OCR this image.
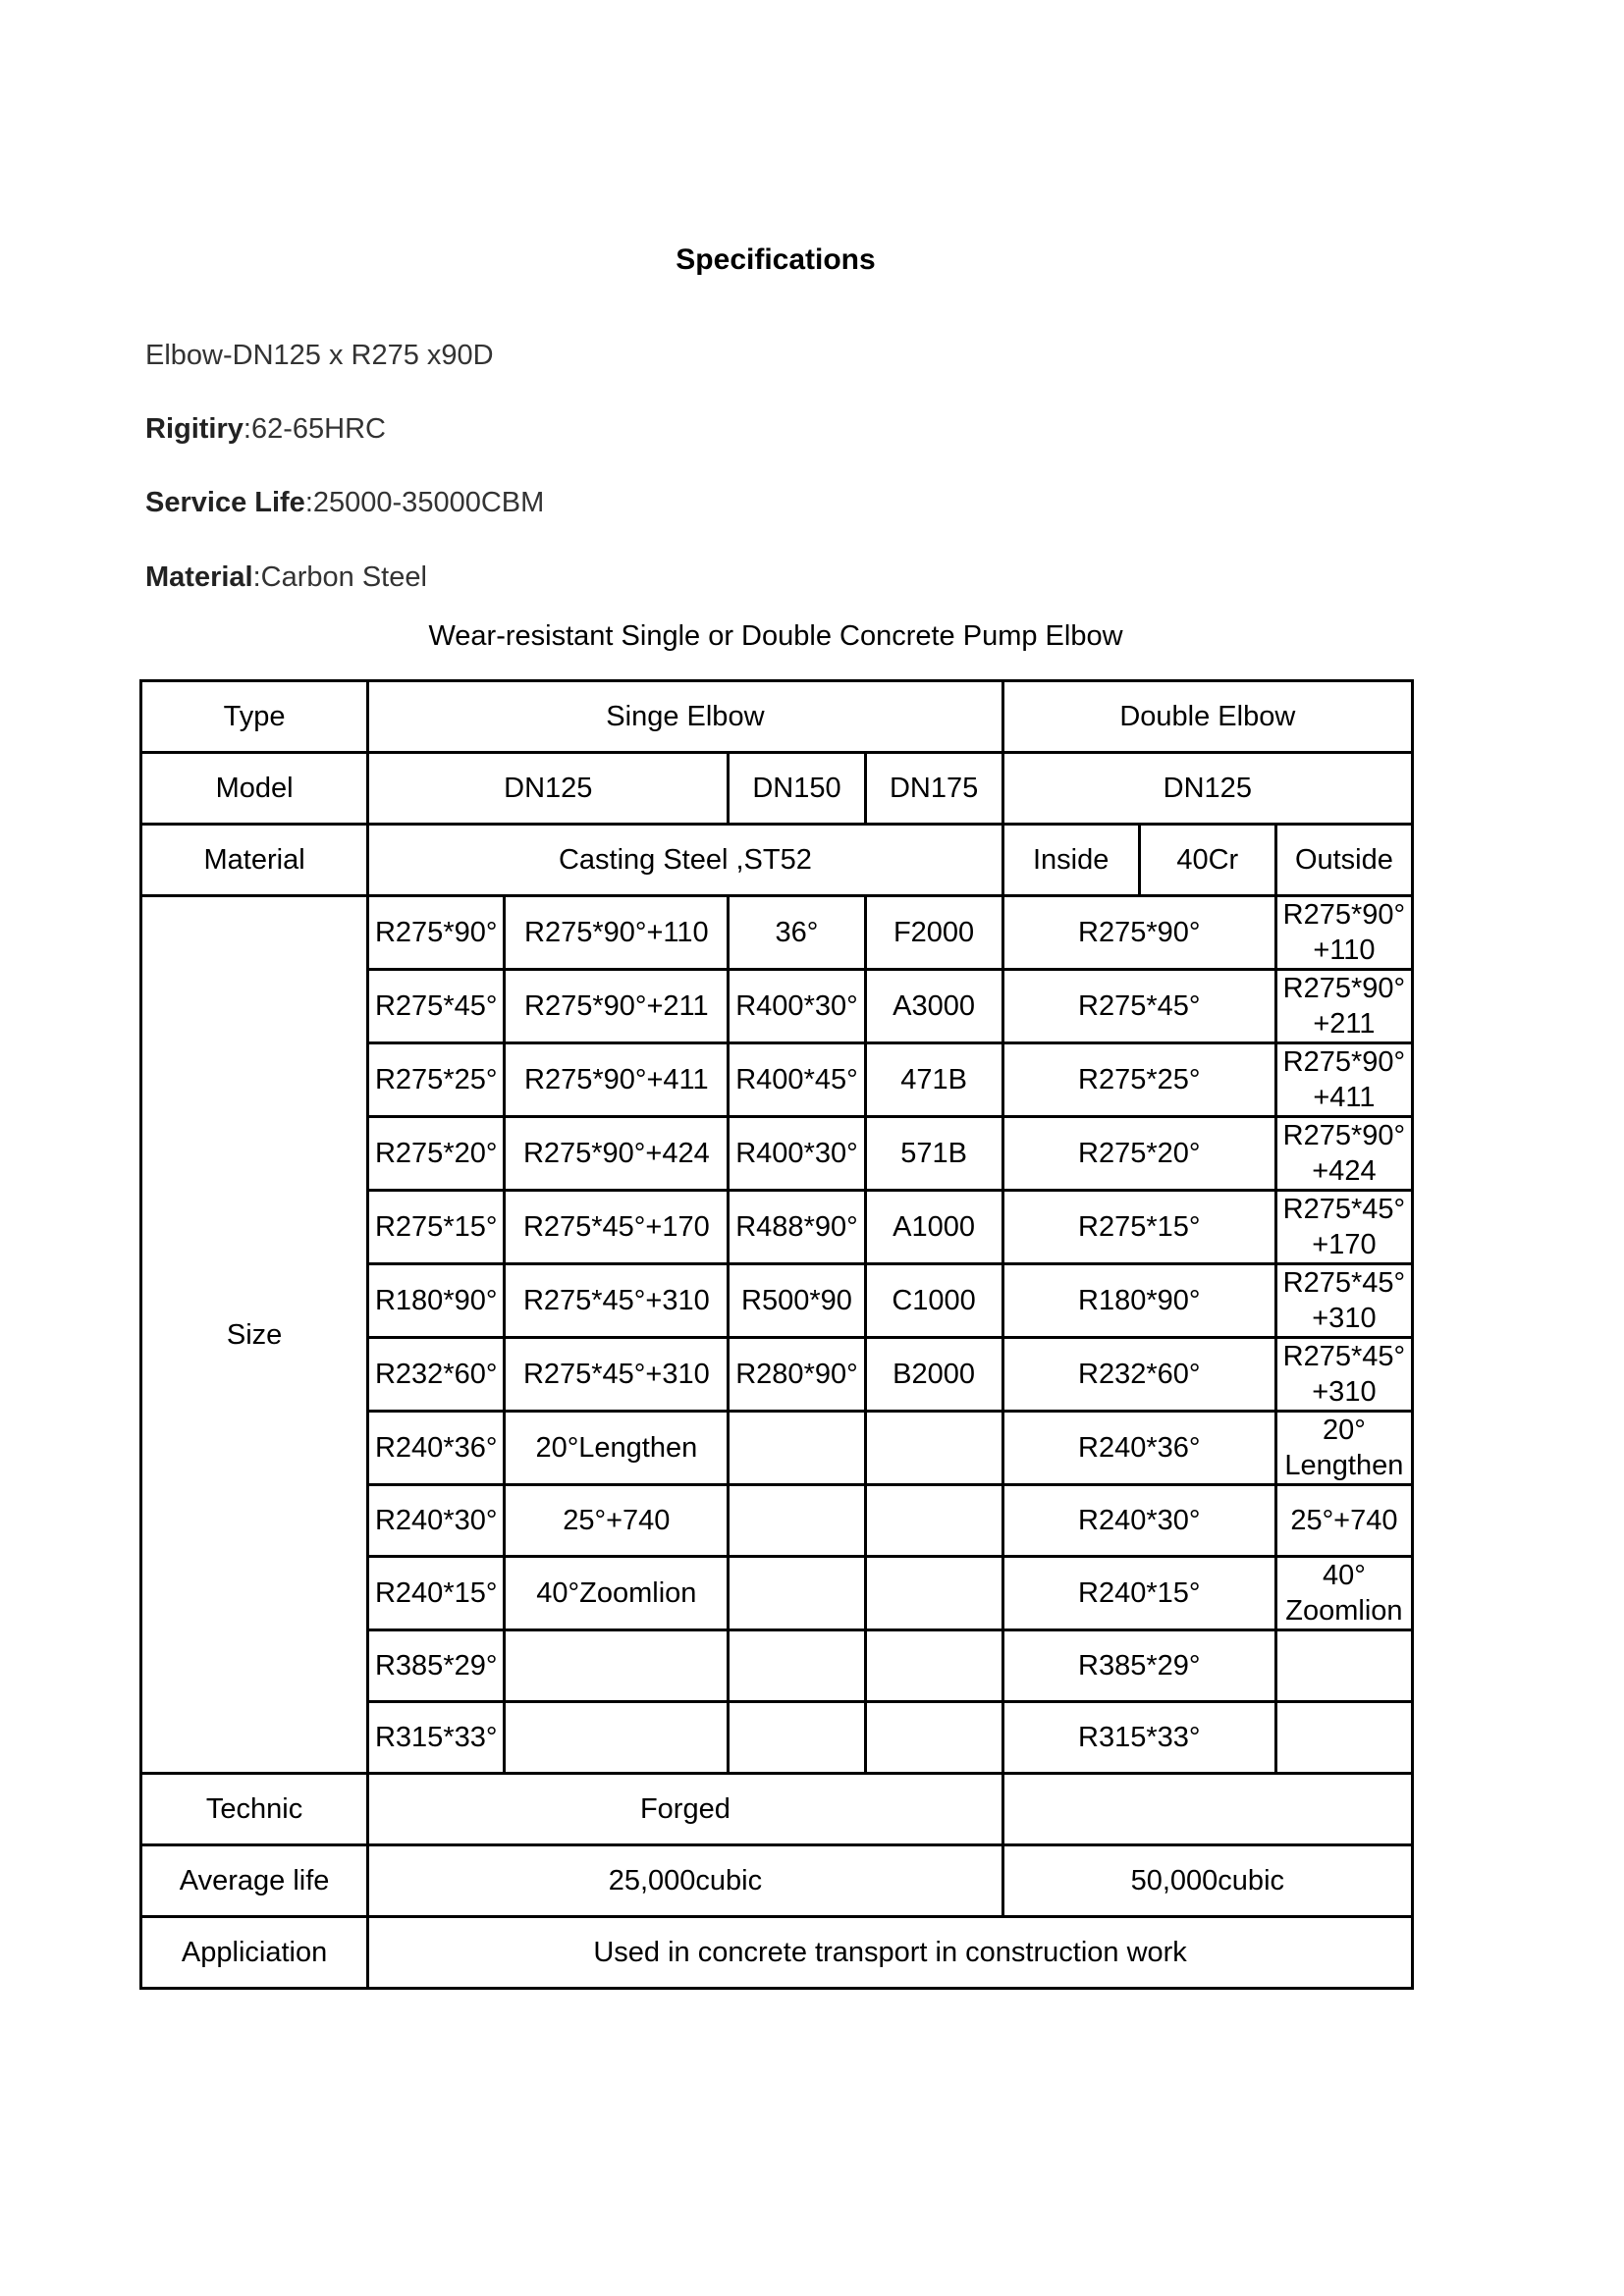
Specifications
Elbow-DN125 x R275 x90D
Rigitiry:62-65HRC
Service Life:25000-35000CBM
Material:Carbon Steel
Wear-resistant Single or Double Concrete Pump Elbow
Type	Singe Elbow				Double Elbow		
Model	DN125		DN150	DN175	DN125		
Material	Casting Steel ,ST52				Inside	40Cr	Outside
Size	R275*90°	R275*90°+110	36°	F2000	R275*90°		R275*90° +110
	R275*45°	R275*90°+211	R400*30°	A3000	R275*45°		R275*90° +211
	R275*25°	R275*90°+411	R400*45°	471B	R275*25°		R275*90° +411
	R275*20°	R275*90°+424	R400*30°	571B	R275*20°		R275*90° +424
	R275*15°	R275*45°+170	R488*90°	A1000	R275*15°		R275*45° +170
	R180*90°	R275*45°+310	R500*90	C1000	R180*90°		R275*45° +310
	R232*60°	R275*45°+310	R280*90°	B2000	R232*60°		R275*45° +310
	R240*36°	20°Lengthen			R240*36°		20° Lengthen
	R240*30°	25°+740			R240*30°		25°+740
	R240*15°	40°Zoomlion			R240*15°		40° Zoomlion
	R385*29°				R385*29°		
	R315*33°				R315*33°		
Technic	Forged						
Average life	25,000cubic				50,000cubic		
Appliciation	Used in concrete transport in construction work						
